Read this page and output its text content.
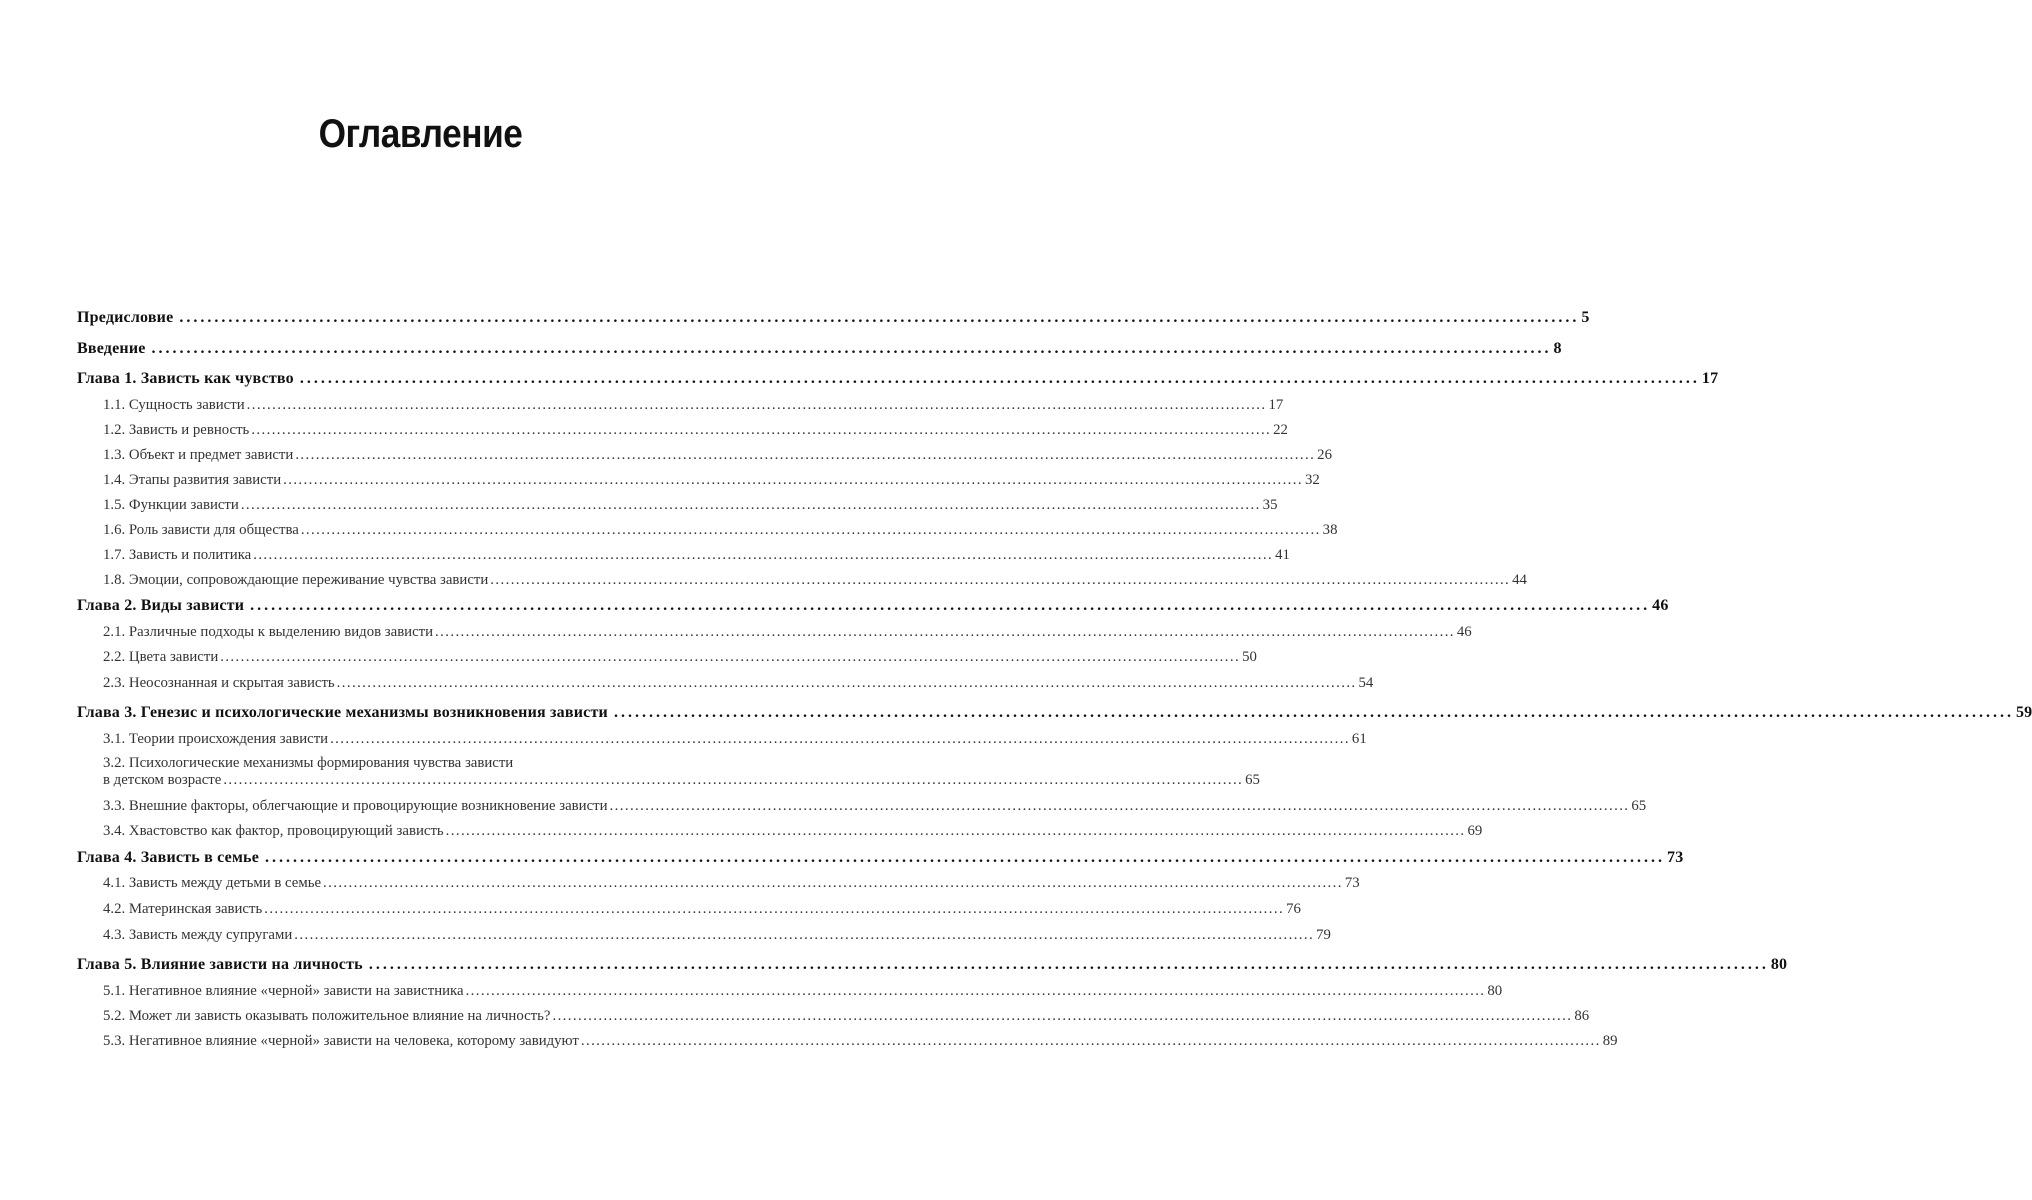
Оглавление
Предисловие ........................................................................................................................................................................................................ 5
Введение ........................................................................................................................................................................................................ 8
Глава 1. Зависть как чувство ........................................................................................................................................................................................................ 17
1.1. Сущность зависти ........................................................................................................................................................................................................ 17
1.2. Зависть и ревность ........................................................................................................................................................................................................ 22
1.3. Объект и предмет зависти ........................................................................................................................................................................................................ 26
1.4. Этапы развития зависти ........................................................................................................................................................................................................ 32
1.5. Функции зависти ........................................................................................................................................................................................................ 35
1.6. Роль зависти для общества ........................................................................................................................................................................................................ 38
1.7. Зависть и политика ........................................................................................................................................................................................................ 41
1.8. Эмоции, сопровождающие переживание чувства зависти ........................................................................................................................................................................................................ 44
Глава 2. Виды зависти ........................................................................................................................................................................................................ 46
2.1. Различные подходы к выделению видов зависти ........................................................................................................................................................................................................ 46
2.2. Цвета зависти ........................................................................................................................................................................................................ 50
2.3. Неосознанная и скрытая зависть ........................................................................................................................................................................................................ 54
Глава 3. Генезис и психологические механизмы возникновения зависти ........................................................................................................................................................................................................ 59
3.1. Теории происхождения зависти ........................................................................................................................................................................................................ 61
3.2. Психологические механизмы формирования чувства зависти
в детском возрасте ........................................................................................................................................................................................................ 65
3.3. Внешние факторы, облегчающие и провоцирующие возникновение зависти ........................................................................................................................................................................................................ 65
3.4. Хвастовство как фактор, провоцирующий зависть ........................................................................................................................................................................................................ 69
Глава 4. Зависть в семье ........................................................................................................................................................................................................ 73
4.1. Зависть между детьми в семье ........................................................................................................................................................................................................ 73
4.2. Материнская зависть ........................................................................................................................................................................................................ 76
4.3. Зависть между супругами ........................................................................................................................................................................................................ 79
Глава 5. Влияние зависти на личность ........................................................................................................................................................................................................ 80
5.1. Негативное влияние «черной» зависти на завистника ........................................................................................................................................................................................................ 80
5.2. Может ли зависть оказывать положительное влияние на личность? ........................................................................................................................................................................................................ 86
5.3. Негативное влияние «черной» зависти на человека, которому завидуют ........................................................................................................................................................................................................ 89
